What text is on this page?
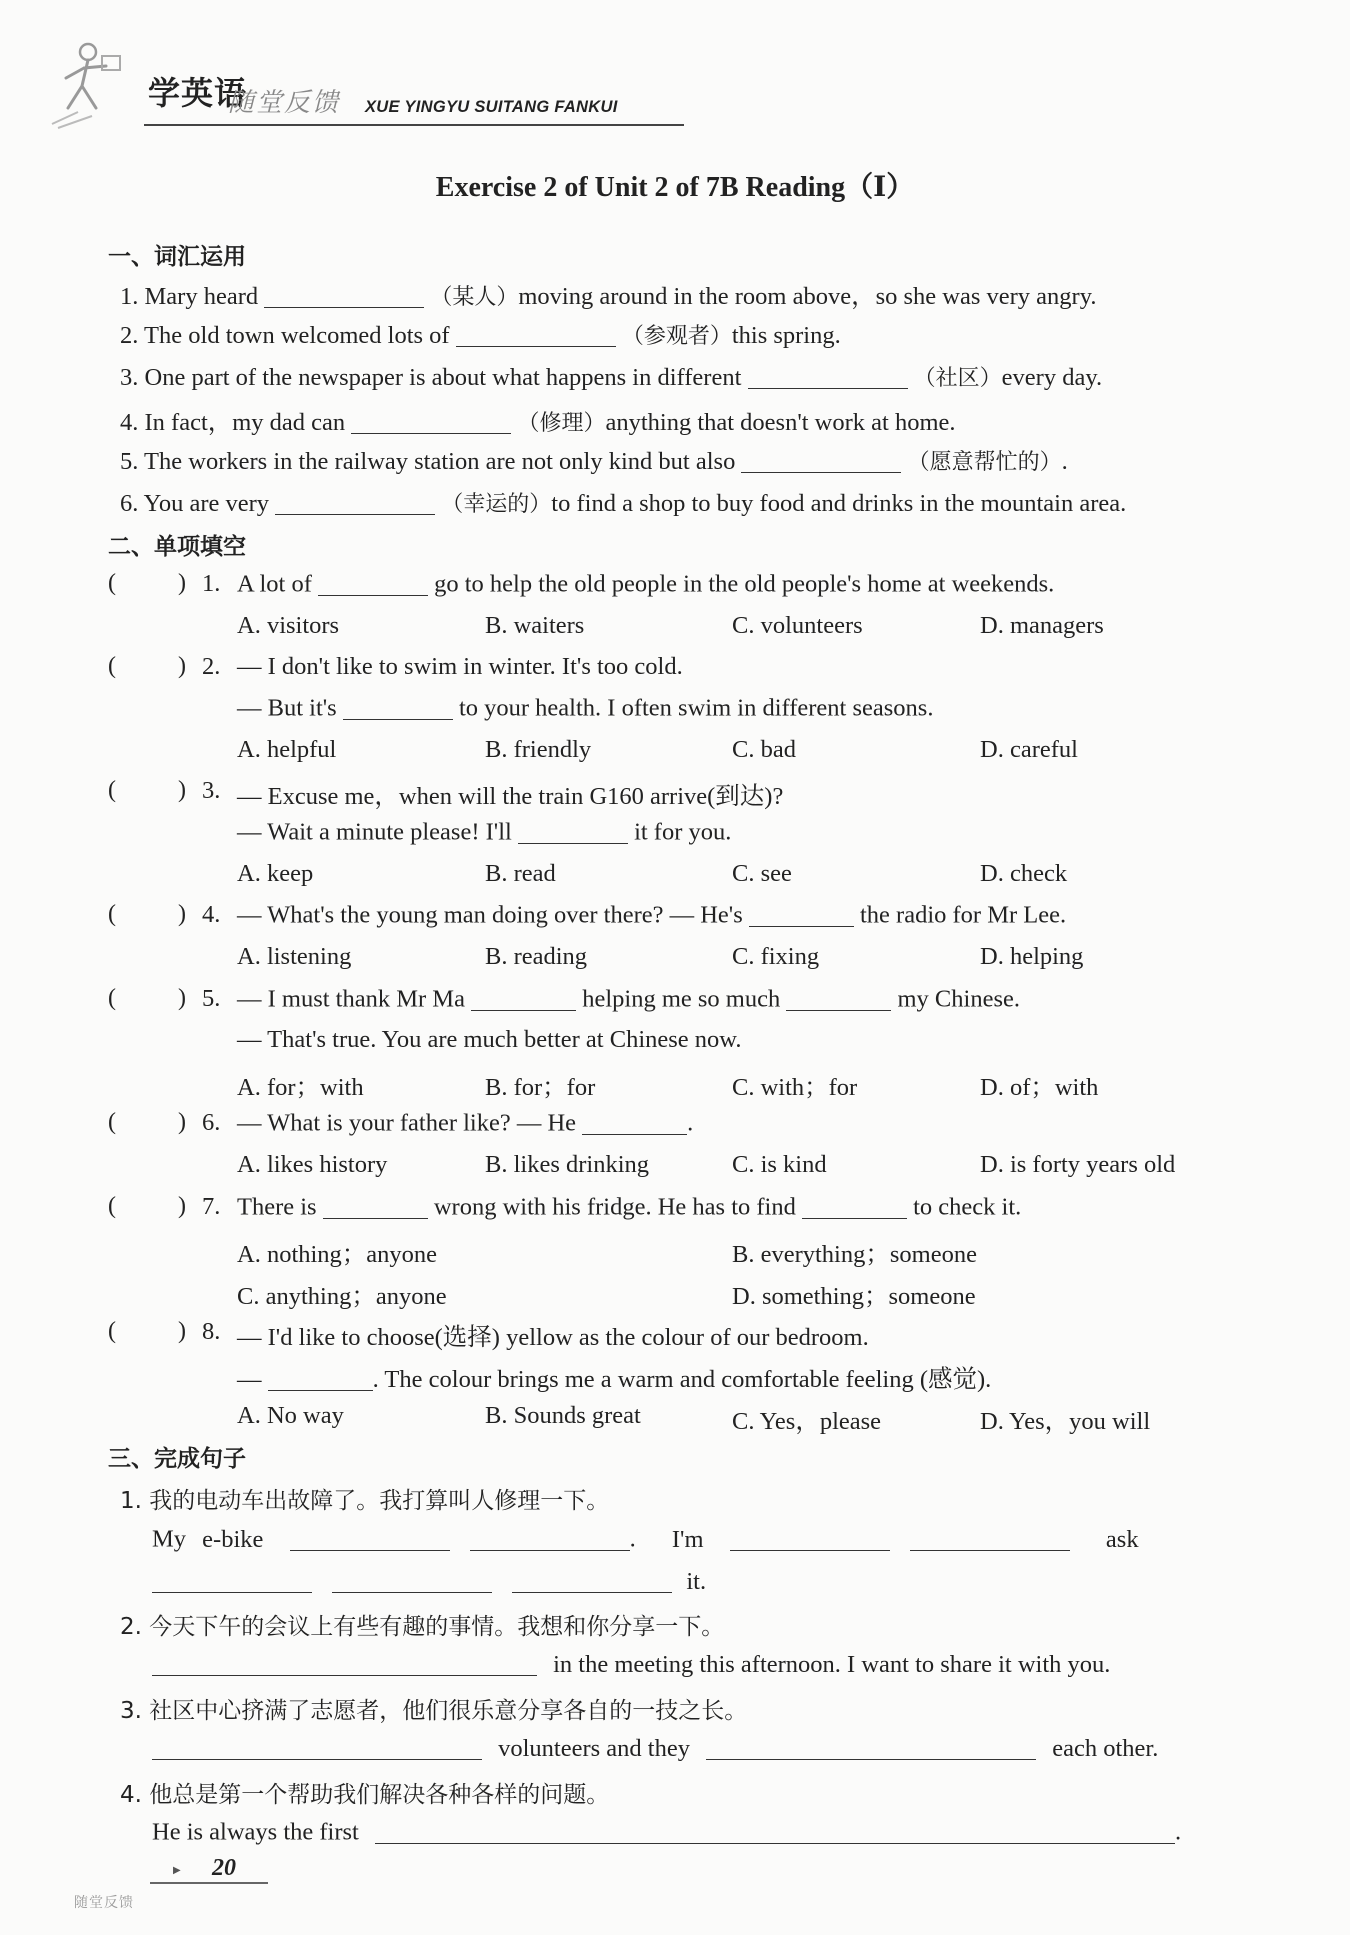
学英语
随堂反馈 XUE YINGYU SUITANG FANKUI
Exercise 2 of Unit 2 of 7B Reading（Ⅰ）
一、词汇运用
1. Mary heard	（某人）moving around in the room above，so she was very angry.
2. The old town welcomed lots of	（参观者）this spring.
3. One part of the newspaper is about what happens in different	（社区）every day.
4. In fact，my dad can	（修理）anything that doesn't work at home.
5. The workers in the railway station are not only kind but also	（愿意帮忙的）.
6. You are very	（幸运的）to find a shop to buy food and drinks in the mountain area.
二、单项填空
(	) 1. A lot of	go to help the old people in the old people's home at weekends.
A. visitors	B. waiters	C. volunteers	D. managers
(	) 2. — I don't like to swim in winter. It's too cold.
— But it's	to your health. I often swim in different seasons.
A. helpful	B. friendly	C. bad	D. careful
(	) 3. — Excuse me，when will the train G160 arrive(到达)?
— Wait a minute please! I'll	it for you.
A. keep	B. read	C. see	D. check
(	) 4. — What's the young man doing over there? — He's	the radio for Mr Lee.
A. listening	B. reading	C. fixing	D. helping
(	) 5. — I must thank Mr Ma	helping me so much	my Chinese.
— That's true. You are much better at Chinese now.
A. for；with	B. for；for	C. with；for	D. of；with
(	) 6. — What is your father like? — He	.
A. likes history	B. likes drinking	C. is kind	D. is forty years old
(	) 7. There is	wrong with his fridge. He has to find	to check it.
A. nothing；anyone	B. everything；someone
C. anything；anyone	D. something；someone
(	) 8. — I'd like to choose(选择) yellow as the colour of our bedroom.
—	. The colour brings me a warm and comfortable feeling (感觉).
A. No way	B. Sounds great	C. Yes，please	D. Yes，you will
三、完成句子
1. 我的电动车出故障了。我打算叫人修理一下。
My e-bike	. I'm	ask
it.
2. 今天下午的会议上有些有趣的事情。我想和你分享一下。
in the meeting this afternoon. I want to share it with you.
3. 社区中心挤满了志愿者，他们很乐意分享各自的一技之长。
volunteers and they	each other.
4. 他总是第一个帮助我们解决各种各样的问题。
He is always the first	.
▶ 20
随堂反馈
